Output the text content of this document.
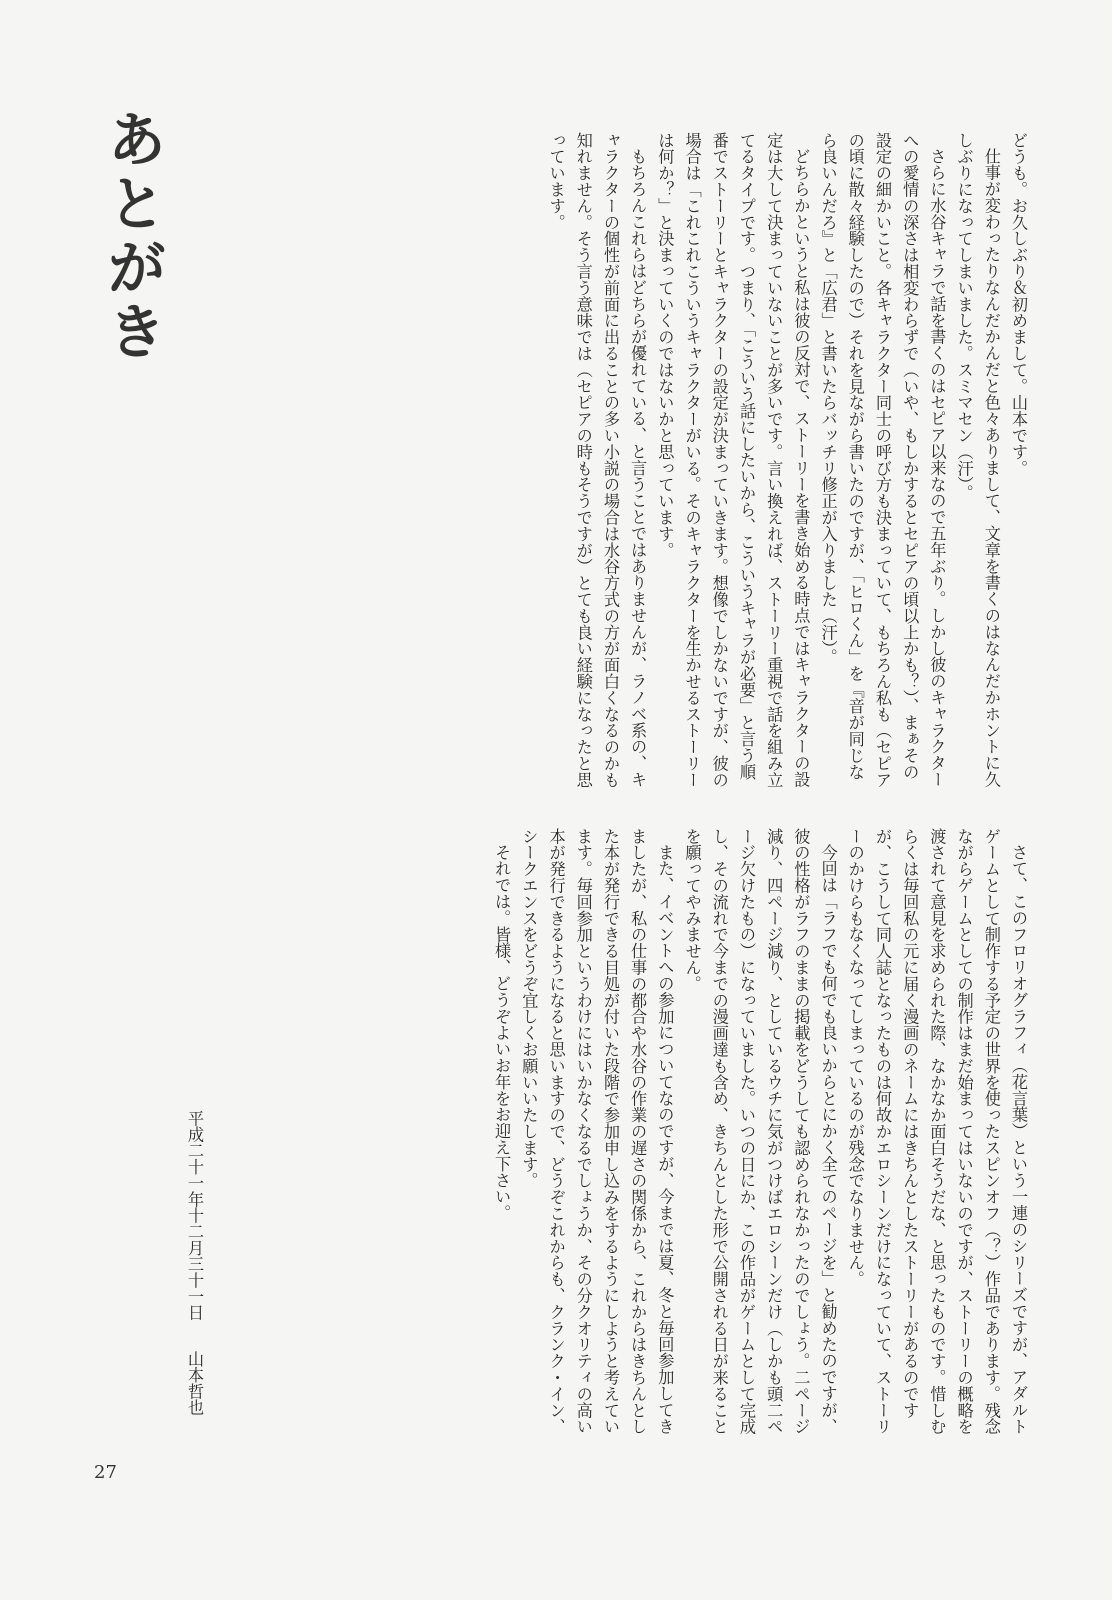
あとがき	どうも。お久しぶり＆初めまして。山本です。

仕事が変わったりなんだかんだと色々ありまして、文章を書くのはなんだかホントに久しぶりになってしまいました。スミマセン（汗）。

さらに水谷キャラで話を書くのはセピア以来なので五年ぶり。しかし彼のキャラクターへの愛情の深さは相変わらずで（いや、もしかするとセピアの頃以上かも？）、まぁその設定の細かいこと。各キャラクター同士の呼び方も決まっていて、もちろん私も（セピアの頃に散々経験したので）それを見ながら書いたのですが、「ヒロくん」を『音が同じなら良いんだろ』と「広君」と書いたらバッチリ修正が入りました（汗）。

どちらかというと私は彼の反対で、ストーリーを書き始める時点ではキャラクターの設定は大して決まっていないことが多いです。言い換えれば、ストーリー重視で話を組み立てるタイプです。つまり、「こういう話にしたいから、こういうキャラが必要」と言う順番でストーリーとキャラクターの設定が決まっていきます。想像でしかないですが、彼の場合は「これこれこういうキャラクターがいる。そのキャラクターを生かせるストーリーは何か？」と決まっていくのではないかと思っています。

もちろんこれらはどちらが優れている、と言うことではありませんが、ラノベ系の、キャラクターの個性が前面に出ることの多い小説の場合は水谷方式の方が面白くなるのかも知れません。そう言う意味では（セピアの時もそうですが）とても良い経験になったと思っています。

さて、このフロリオグラフィ（花言葉）という一連のシリーズですが、アダルトゲームとして制作する予定の世界を使ったスピンオフ（？）作品であります。残念ながらゲームとしての制作はまだ始まってはいないのですが、ストーリーの概略を渡されて意見を求められた際、なかなか面白そうだな、と思ったものです。惜しむらくは毎回私の元に届く漫画のネームにはきちんとしたストーリーがあるのですが、こうして同人誌となったものは何故かエロシーンだけになっていて、ストーリーのかけらもなくなってしまっているのが残念でなりません。

今回は「ラフでも何でも良いからとにかく全てのページを」と勧めたのですが、彼の性格がラフのままの掲載をどうしても認められなかったのでしょう。二ページ減り、四ページ減り、としているウチに気がつけばエロシーンだけ（しかも頭二ページ欠けたもの）になっていました。いつの日にか、この作品がゲームとして完成し、その流れで今までの漫画達も含め、きちんとした形で公開される日が来ることを願ってやみません。

また、イベントへの参加についてなのですが、今までは夏、冬と毎回参加してきましたが、私の仕事の都合や水谷の作業の遅さの関係から、これからはきちんとした本が発行できる目処が付いた段階で参加申し込みをするようにしようと考えています。毎回参加というわけにはいかなくなるでしょうか、その分クオリティの高い本が発行できるようになると思いますので、どうぞこれからも、クランク・イン、シークエンスをどうぞ宜しくお願いいたします。

それでは。皆様、どうぞよいお年をお迎え下さい。

平成二十一年十二月三十一日山本哲也
27
